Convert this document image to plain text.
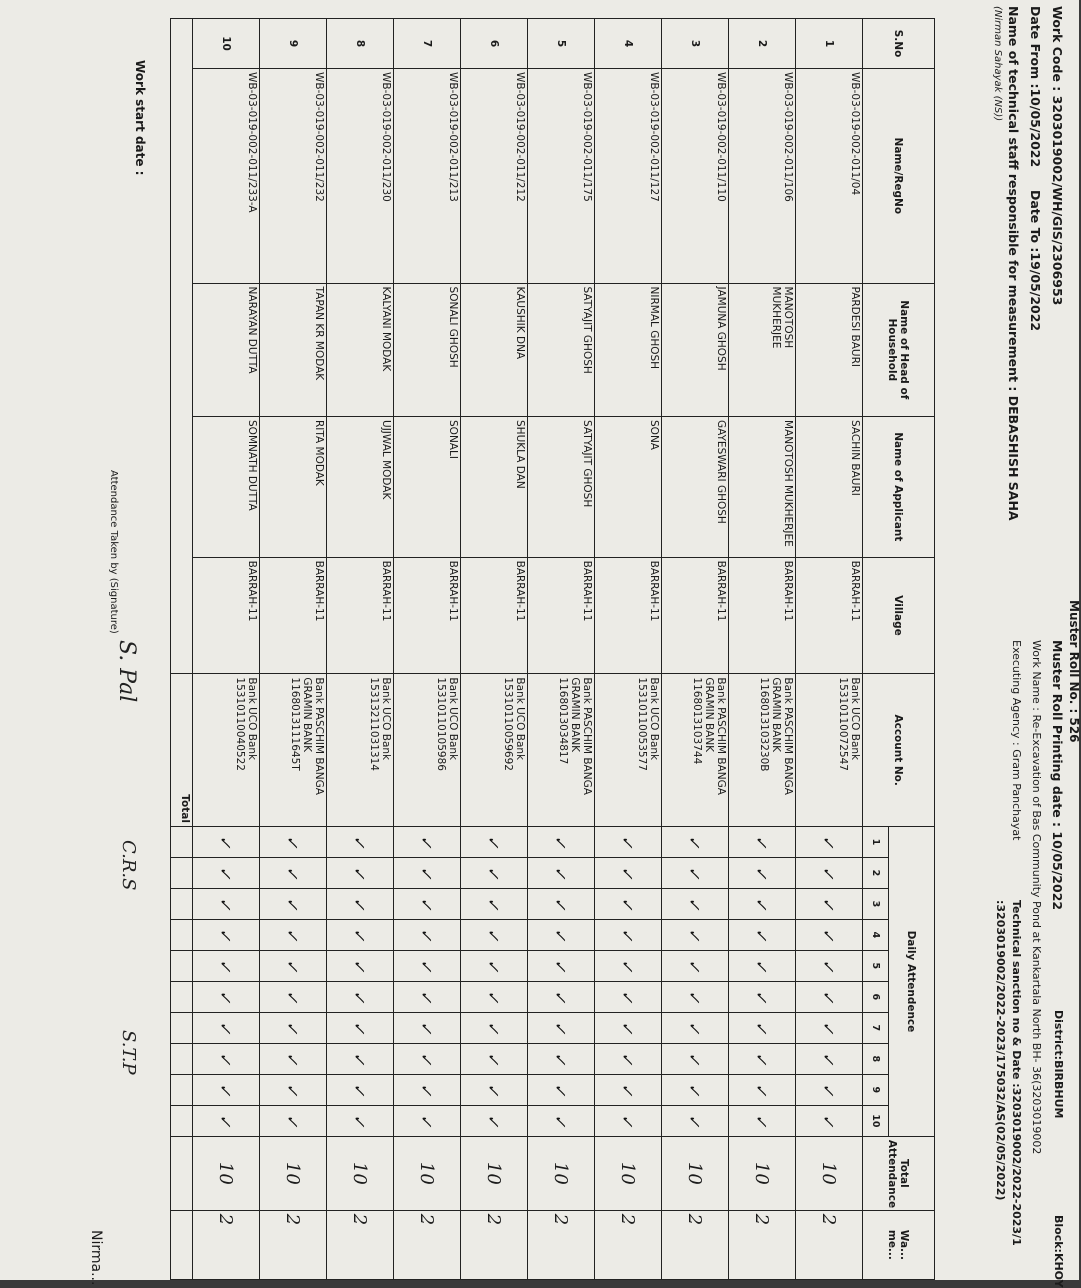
Muster Roll No. : 526
Work Code : 3203019002/WH/GIS/2306953
Muster Roll Printing date : 10/05/2022
District:BIRBHUM
Block:KHOY
Date From :10/05/2022
Date To :19/05/2022
Work Name : Re-Excavation of Bas Community Pond at Kankartala North BH- 36(3203019002
Executing Agency : Gram Panchayat
Technical sanction no & Date :3203019002/2022-2023/1
:3203019002/2022-2023/175032/AS(02/05/2022)
Name of technical staff responsible for measurement : DEBASHISH SAHA
(Nirman Sahayak (NS))
S.No	Name/RegNo	Name of Head of Household	Name of Applicant	Village	Account No.	Daily Attendence										Total Attendance	Wa...
me...
						1	2	3	4	5	6	7	8	9	10		
1	WB-03-019-002-011/04	PARDESI BAURI	SACHIN BAURI	BARRAH-11	Bank UCO Bank 15310110072547	✓	✓	✓	✓	✓	✓	✓	✓	✓	✓	10	2
2	WB-03-019-002-011/106	MANOTOSH MUKHERJEE	MANOTOSH MUKHERJEE	BARRAH-11	Bank PASCHIM BANGA GRAMIN BANK 1168013103230B	✓	✓	✓	✓	✓	✓	✓	✓	✓	✓	10	2
3	WB-03-019-002-011/110	JAMUNA GHOSH	GAYESWARI GHOSH	BARRAH-11	Bank PASCHIM BANGA GRAMIN BANK 1168013103744	✓	✓	✓	✓	✓	✓	✓	✓	✓	✓	10	2
4	WB-03-019-002-011/127	NIRMAL GHOSH	SONA	BARRAH-11	Bank UCO Bank 15310110053577	✓	✓	✓	✓	✓	✓	✓	✓	✓	✓	10	2
5	WB-03-019-002-011/175	SATYAJIT GHOSH	SATYAJIT GHOSH	BARRAH-11	Bank PASCHIM BANGA GRAMIN BANK 1168013034817	✓	✓	✓	✓	✓	✓	✓	✓	✓	✓	10	2
6	WB-03-019-002-011/212	KAUSHIK DNA	SHUKLA DAN	BARRAH-11	Bank UCO Bank 15310110059692	✓	✓	✓	✓	✓	✓	✓	✓	✓	✓	10	2
7	WB-03-019-002-011/213	SONALI GHOSH	SONALI	BARRAH-11	Bank UCO Bank 15310110105986	✓	✓	✓	✓	✓	✓	✓	✓	✓	✓	10	2
8	WB-03-019-002-011/230	KALYANI MODAK	UJJWAL MODAK	BARRAH-11	Bank UCO Bank 15313211031314	✓	✓	✓	✓	✓	✓	✓	✓	✓	✓	10	2
9	WB-03-019-002-011/232	TAPAN KR MODAK	RITA MODAK	BARRAH-11	Bank PASCHIM BANGA GRAMIN BANK 1168013111645T	✓	✓	✓	✓	✓	✓	✓	✓	✓	✓	10	2
10	WB-03-019-002-011/233-A	NARAYAN DUTTA	SOMNATH DUTTA	BARRAH-11	Bank UCO Bank 15310110040522	✓	✓	✓	✓	✓	✓	✓	✓	✓	✓	10	2
					Total												
Work start date :
Attendance Taken by (Signature)
S. Pal
C.R.S
S.T.P
Nirma...
